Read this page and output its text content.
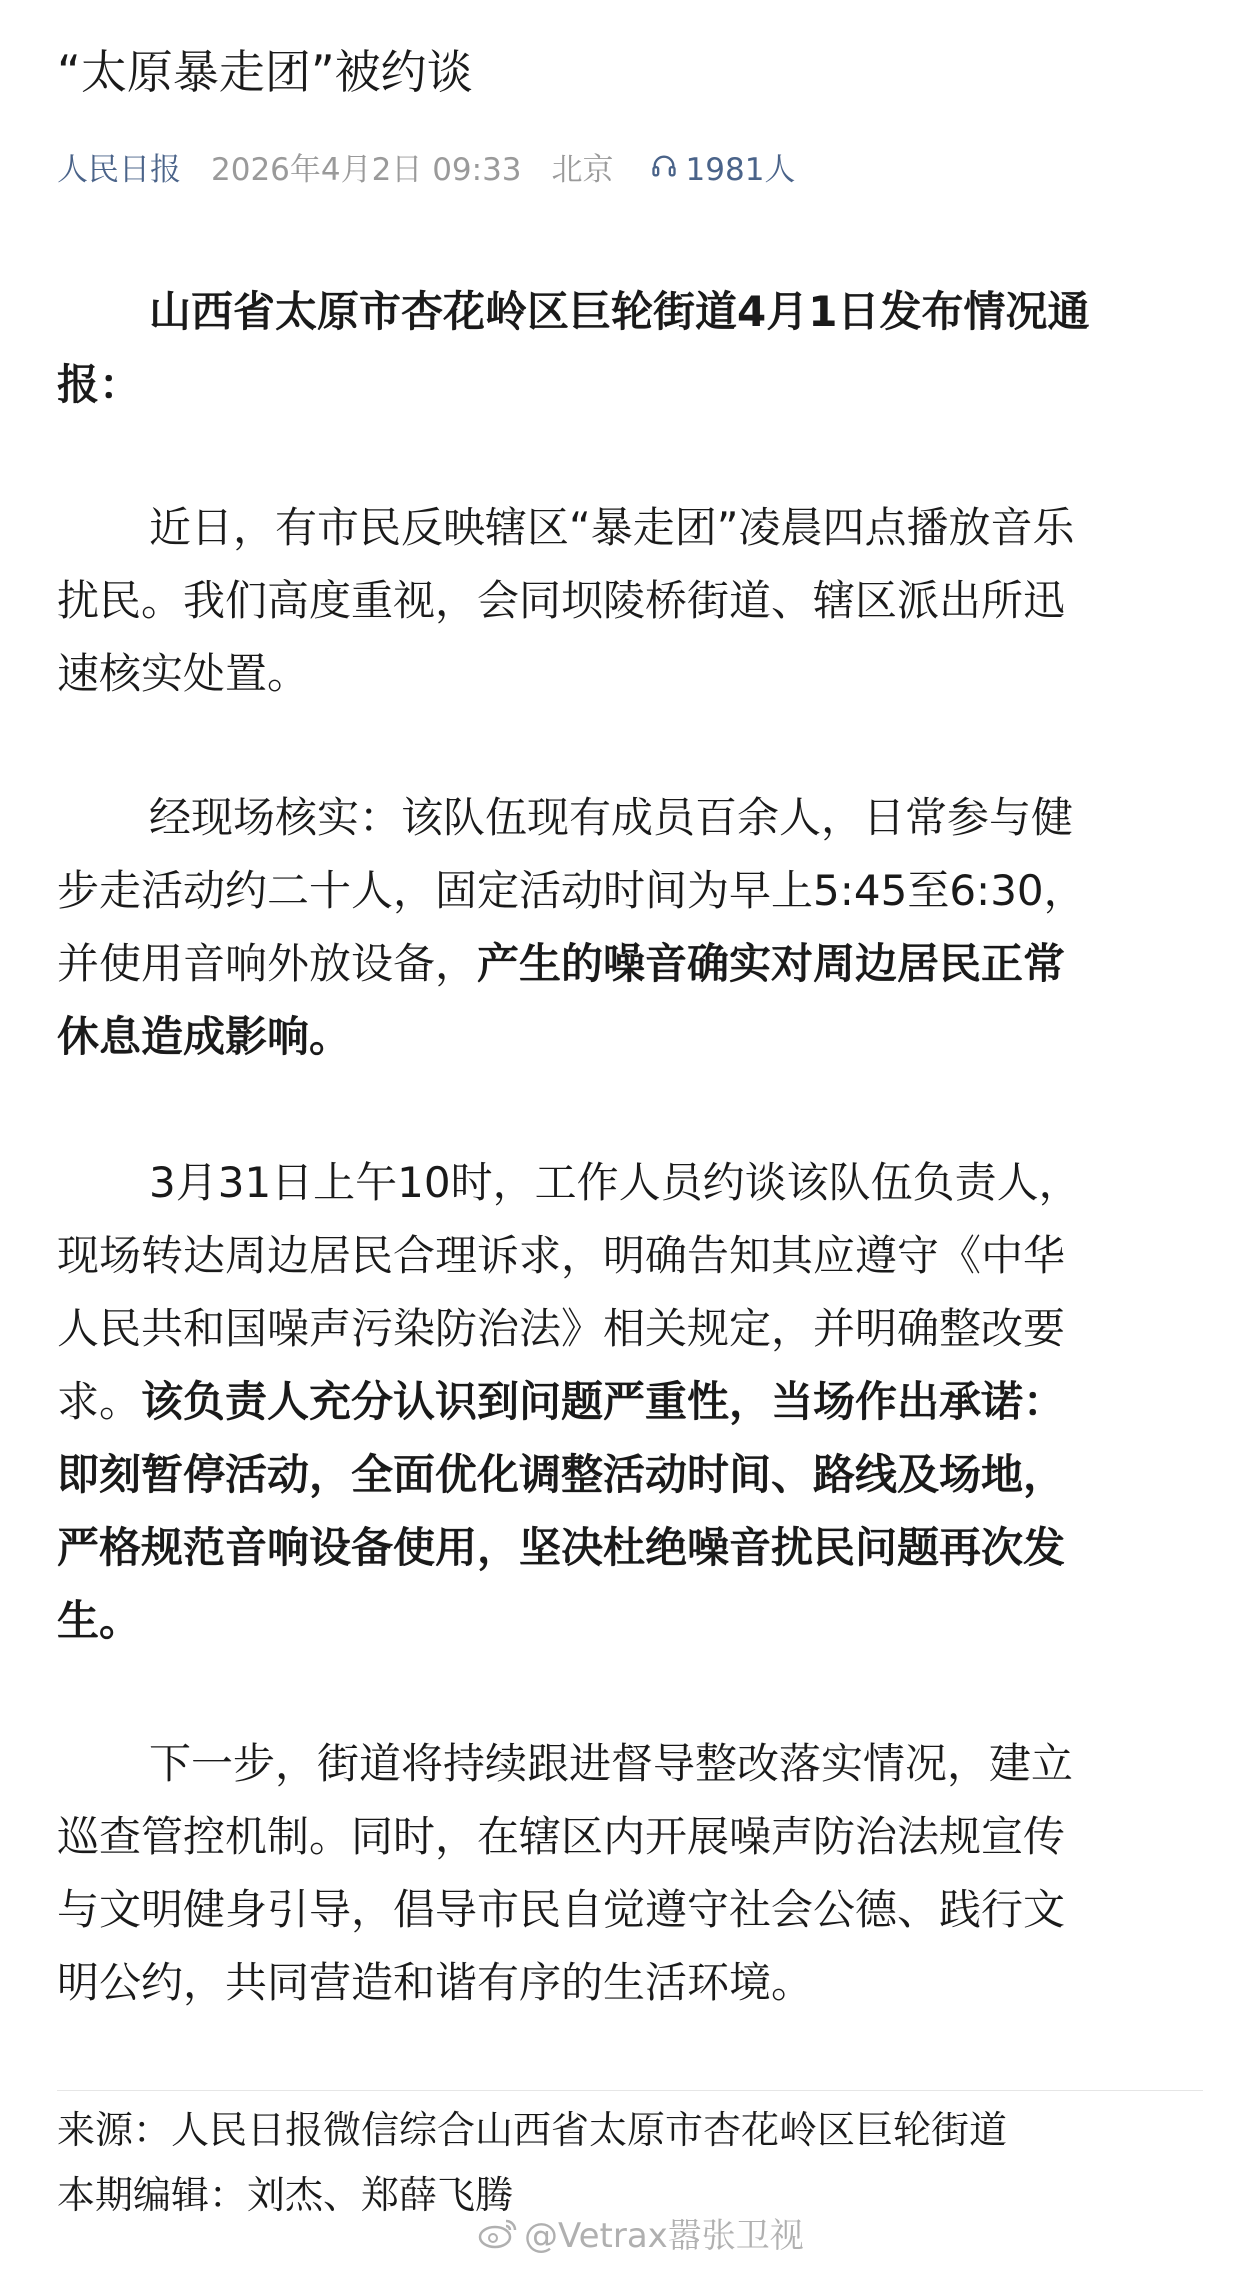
“太原暴走团”被约谈
人民日报 2026年4月2日 09:33 北京 1981人
山西省太原市杏花岭区巨轮街道4月1日发布情况通
报：
近日，有市民反映辖区“暴走团”凌晨四点播放音乐
扰民。我们高度重视，会同坝陵桥街道、辖区派出所迅
速核实处置。
经现场核实：该队伍现有成员百余人，日常参与健
步走活动约二十人，固定活动时间为早上5:45至6:30，
并使用音响外放设备，产生的噪音确实对周边居民正常
休息造成影响。
3月31日上午10时，工作人员约谈该队伍负责人，
现场转达周边居民合理诉求，明确告知其应遵守《中华
人民共和国噪声污染防治法》相关规定，并明确整改要
求。该负责人充分认识到问题严重性，当场作出承诺：
即刻暂停活动，全面优化调整活动时间、路线及场地，
严格规范音响设备使用，坚决杜绝噪音扰民问题再次发
生。
下一步，街道将持续跟进督导整改落实情况，建立
巡查管控机制。同时，在辖区内开展噪声防治法规宣传
与文明健身引导，倡导市民自觉遵守社会公德、践行文
明公约，共同营造和谐有序的生活环境。
来源：人民日报微信综合山西省太原市杏花岭区巨轮街道
本期编辑：刘杰、郑薛飞腾
@Vetrax嚣张卫视
